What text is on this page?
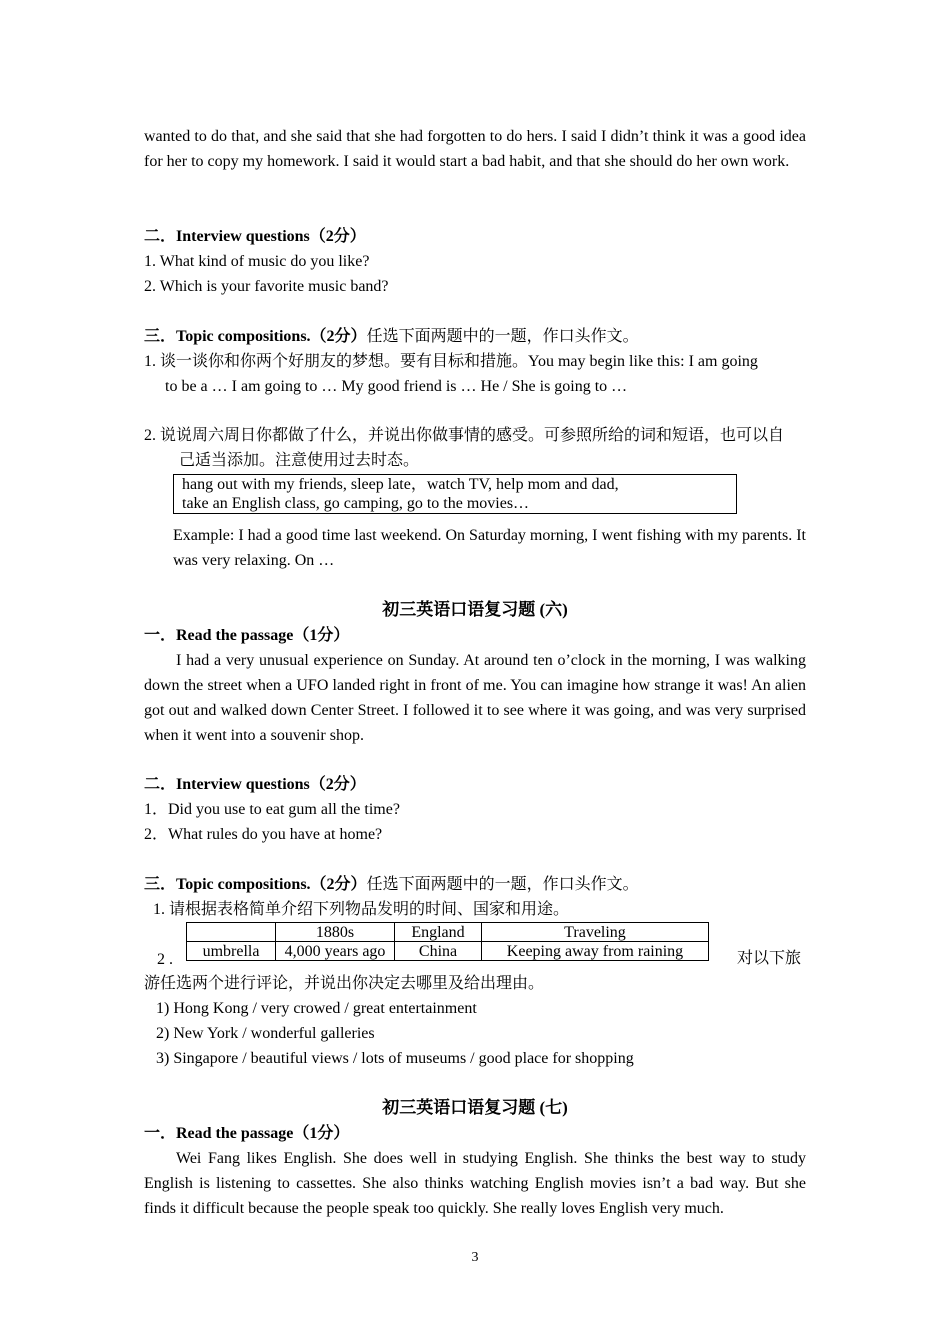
wanted to do that, and she said that she had forgotten to do hers. I said I didn’t think it was a good idea for her to copy my homework. I said it would start a bad habit, and that she should do her own work.
二．Interview questions（2分）
1. What kind of music do you like?
2. Which is your favorite music band?
三．Topic compositions.（2分）任选下面两题中的一题，作口头作文。
1. 谈一谈你和你两个好朋友的梦想。要有目标和措施。You may begin like this: I am going
to be a … I am going to … My good friend is … He / She is going to …
2. 说说周六周日你都做了什么，并说出你做事情的感受。可参照所给的词和短语，也可以自
己适当添加。注意使用过去时态。
hang out with my friends, sleep late，watch TV, help mom and dad,
take an English class, go camping, go to the movies…
Example: I had a good time last weekend. On Saturday morning, I went fishing with my parents. It was very relaxing. On …
初三英语口语复习题 (六)
一．Read the passage（1分）
I had a very unusual experience on Sunday. At around ten o’clock in the morning, I was walking down the street when a UFO landed right in front of me. You can imagine how strange it was! An alien got out and walked down Center Street. I followed it to see where it was going, and was very surprised when it went into a souvenir shop.
二．Interview questions（2分）
1．Did you use to eat gum all the time?
2．What rules do you have at home?
三．Topic compositions.（2分）任选下面两题中的一题，作口头作文。
1. 请根据表格简单介绍下列物品发明的时间、国家和用途。
	1880s	England	Traveling
umbrella	4,000 years ago	China	Keeping away from raining
2 .	对以下旅
游任选两个进行评论，并说出你决定去哪里及给出理由。
1) Hong Kong / very crowed / great entertainment
2) New York / wonderful galleries
3) Singapore / beautiful views / lots of museums / good place for shopping
初三英语口语复习题 (七)
一．Read the passage（1分）
Wei Fang likes English. She does well in studying English. She thinks the best way to study English is listening to cassettes. She also thinks watching English movies isn’t a bad way. But she finds it difficult because the people speak too quickly. She really loves English very much.
3
